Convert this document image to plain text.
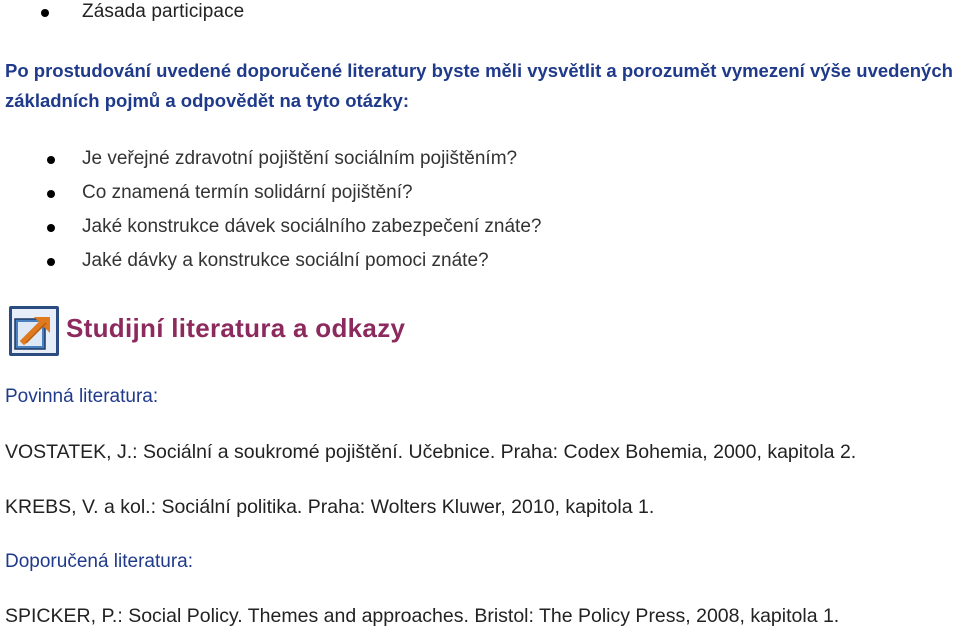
Zásada participace

Po prostudování uvedené doporučené literatury byste měli vysvětlit a porozumět vymezení výše uvedených základních pojmů a odpovědět na tyto otázky:

Je veřejné zdravotní pojištění sociálním pojištěním?
Co znamená termín solidární pojištění?
Jaké konstrukce dávek sociálního zabezpečení znáte?
Jaké dávky a konstrukce sociální pomoci znáte?
Studijní literatura a odkazy
Povinná literatura:
VOSTATEK, J.: Sociální a soukromé pojištění. Učebnice. Praha: Codex Bohemia, 2000, kapitola 2.
KREBS, V. a kol.: Sociální politika. Praha: Wolters Kluwer, 2010, kapitola 1.
Doporučená literatura:
SPICKER, P.: Social Policy. Themes and approaches. Bristol: The Policy Press, 2008, kapitola 1.
